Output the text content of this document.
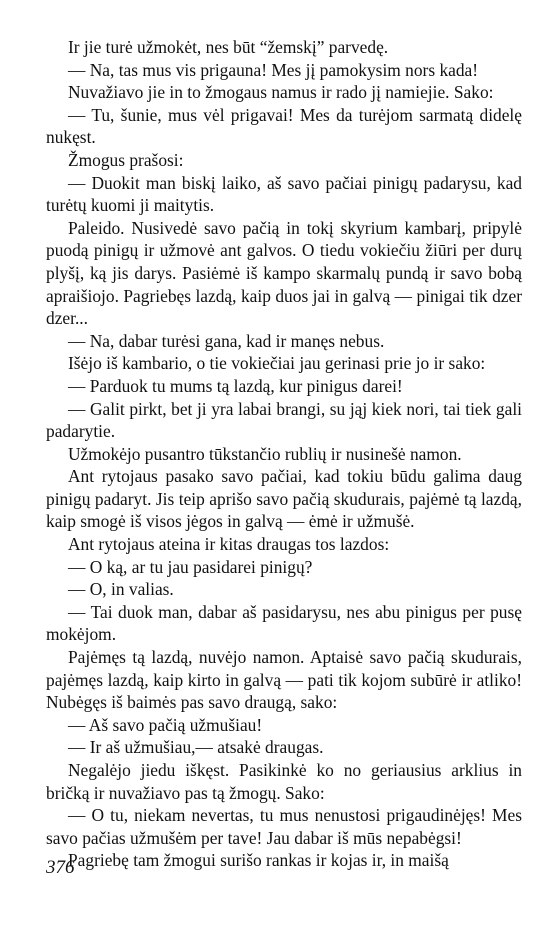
Ir jie turė užmokėt, nes būt “žemskį” parvedę.

— Na, tas mus vis prigauna! Mes jį pamokysim nors kada!

Nuvažiavo jie in to žmogaus namus ir rado jį namiejie. Sako:

— Tu, šunie, mus vėl prigavai! Mes da turėjom sarmatą didelę nukęst.

Žmogus prašosi:

— Duokit man biskį laiko, aš savo pačiai pinigų padarysu, kad turėtų kuomi ji maitytis.

Paleido. Nusivedė savo pačią in tokį skyrium kambarį, pripylė puodą pinigų ir užmovė ant galvos. O tiedu vokiečiu žiūri per durų plyšį, ką jis darys. Pasiėmė iš kampo skarmalų pundą ir savo bobą apraišiojo. Pagriebęs lazdą, kaip duos jai in galvą — pinigai tik dzer dzer...

— Na, dabar turėsi gana, kad ir manęs nebus.

Išėjo iš kambario, o tie vokiečiai jau gerinasi prie jo ir sako:

— Parduok tu mums tą lazdą, kur pinigus darei!

— Galit pirkt, bet ji yra labai brangi, su jąj kiek nori, tai tiek gali padarytie.

Užmokėjo pusantro tūkstančio rublių ir nusinešė namon.

Ant rytojaus pasako savo pačiai, kad tokiu būdu galima daug pinigų padaryt. Jis teip aprišo savo pačią skudurais, pajėmė tą lazdą, kaip smogė iš visos jėgos in galvą — ėmė ir užmušė.

Ant rytojaus ateina ir kitas draugas tos lazdos:

— O ką, ar tu jau pasidarei pinigų?

— O, in valias.

— Tai duok man, dabar aš pasidarysu, nes abu pinigus per pusę mokėjom.

Pajėmęs tą lazdą, nuvėjo namon. Aptaisė savo pačią skudurais, pajėmęs lazdą, kaip kirto in galvą — pati tik kojom subūrė ir atliko! Nubėgęs iš baimės pas savo draugą, sako:

— Aš savo pačią užmušiau!

— Ir aš užmušiau,— atsakė draugas.

Negalėjo jiedu iškęst. Pasikinkė ko no geriausius arklius in bričką ir nuvažiavo pas tą žmogų. Sako:

— O tu, niekam nevertas, tu mus nenustosi prigaudinėjęs! Mes savo pačias užmušėm per tave! Jau dabar iš mūs nepabėgsi!

Pagriebę tam žmogui surišo rankas ir kojas ir, in maišą

376
